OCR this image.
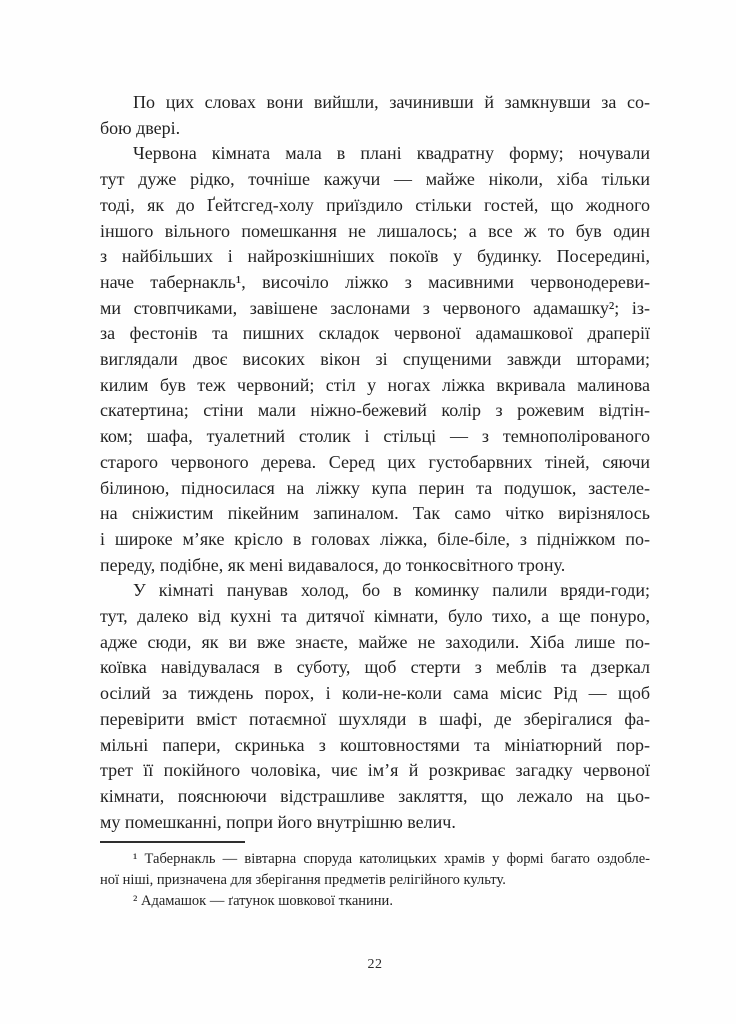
По цих словах вони вийшли, зачинивши й замкнувши за со-
бою двері.
Червона кімната мала в плані квадратну форму; ночували
тут дуже рідко, точніше кажучи — майже ніколи, хіба тільки
тоді, як до Ґейтсгед-холу приїздило стільки гостей, що жодного
іншого вільного помешкання не лишалось; а все ж то був один
з найбільших і найрозкішніших покоїв у будинку. Посередині,
наче табернакль¹, височіло ліжко з масивними червонодереви-
ми стовпчиками, завішене заслонами з червоного адамашку²; із-
за фестонів та пишних складок червоної адамашкової драперії
виглядали двоє високих вікон зі спущеними завжди шторами;
килим був теж червоний; стіл у ногах ліжка вкривала малинова
скатертина; стіни мали ніжно-бежевий колір з рожевим відтін-
ком; шафа, туалетний столик і стільці — з темнополірованого
старого червоного дерева. Серед цих густобарвних тіней, сяючи
білиною, підносилася на ліжку купа перин та подушок, застеле-
на сніжистим пікейним запиналом. Так само чітко вирізнялось
і широке м’яке крісло в головах ліжка, біле-біле, з підніжком по-
переду, подібне, як мені видавалося, до тонкосвітного трону.
У кімнаті панував холод, бо в коминку палили вряди-годи;
тут, далеко від кухні та дитячої кімнати, було тихо, а ще понуро,
адже сюди, як ви вже знаєте, майже не заходили. Хіба лише по-
коївка навідувалася в суботу, щоб стерти з меблів та дзеркал
осілий за тиждень порох, і коли-не-коли сама місис Рід — щоб
перевірити вміст потаємної шухляди в шафі, де зберігалися фа-
мільні папери, скринька з коштовностями та мініатюрний пор-
трет її покійного чоловіка, чиє ім’я й розкриває загадку червоної
кімнати, пояснюючи відстрашливе закляття, що лежало на цьо-
му помешканні, попри його внутрішню велич.
¹ Табернакль — вівтарна споруда католицьких храмів у формі багато оздобле-
ної ніші, призначена для зберігання предметів релігійного культу.
² Адамашок — ґатунок шовкової тканини.
22
